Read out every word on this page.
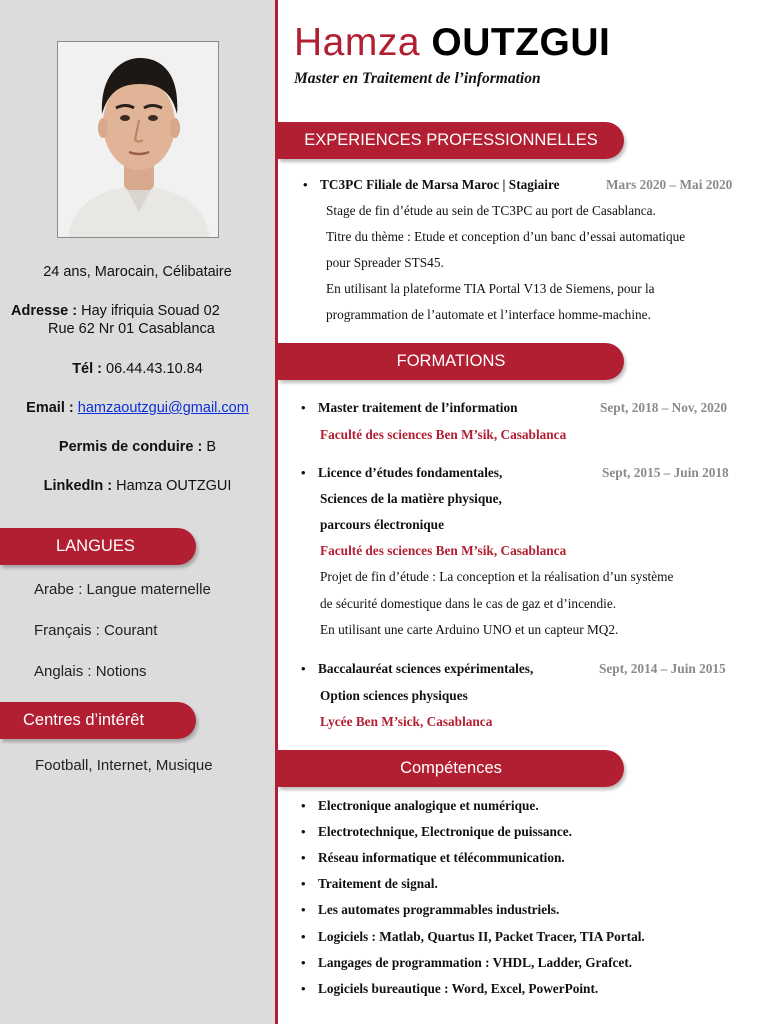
24 ans, Marocain, Célibataire
Adresse : Hay ifriquia Souad 02
Rue 62 Nr 01 Casablanca
Tél : 06.44.43.10.84
Email : hamzaoutzgui@gmail.com
Permis de conduire : B
LinkedIn : Hamza OUTZGUI
LANGUES
Arabe : Langue maternelle
Français : Courant
Anglais : Notions
Centres d’intérêt
Football, Internet, Musique
Hamza OUTZGUI
Master en Traitement de l’information
EXPERIENCES PROFESSIONNELLES
• TC3PC Filiale de Marsa Maroc | Stagiaire	Mars 2020 – Mai 2020
Stage de fin d’étude au sein de TC3PC au port de Casablanca.
Titre du thème : Etude et conception d’un banc d’essai automatique
pour Spreader STS45.
En utilisant la plateforme TIA Portal V13 de Siemens, pour la
programmation de l’automate et l’interface homme-machine.
FORMATIONS
• Master traitement de l’information	Sept, 2018 – Nov, 2020
Faculté des sciences Ben M’sik, Casablanca
• Licence d’études fondamentales,	Sept, 2015 – Juin 2018
Sciences de la matière physique,
parcours électronique
Faculté des sciences Ben M’sik, Casablanca
Projet de fin d’étude : La conception et la réalisation d’un système
de sécurité domestique dans le cas de gaz et d’incendie.
En utilisant une carte Arduino UNO et un capteur MQ2.
• Baccalauréat sciences expérimentales,	Sept, 2014 – Juin 2015
Option sciences physiques
Lycée Ben M’sick, Casablanca
Compétences
• Electronique analogique et numérique.
• Electrotechnique, Electronique de puissance.
• Réseau informatique et télécommunication.
• Traitement de signal.
• Les automates programmables industriels.
• Logiciels : Matlab, Quartus II, Packet Tracer, TIA Portal.
• Langages de programmation : VHDL, Ladder, Grafcet.
• Logiciels bureautique : Word, Excel, PowerPoint.
